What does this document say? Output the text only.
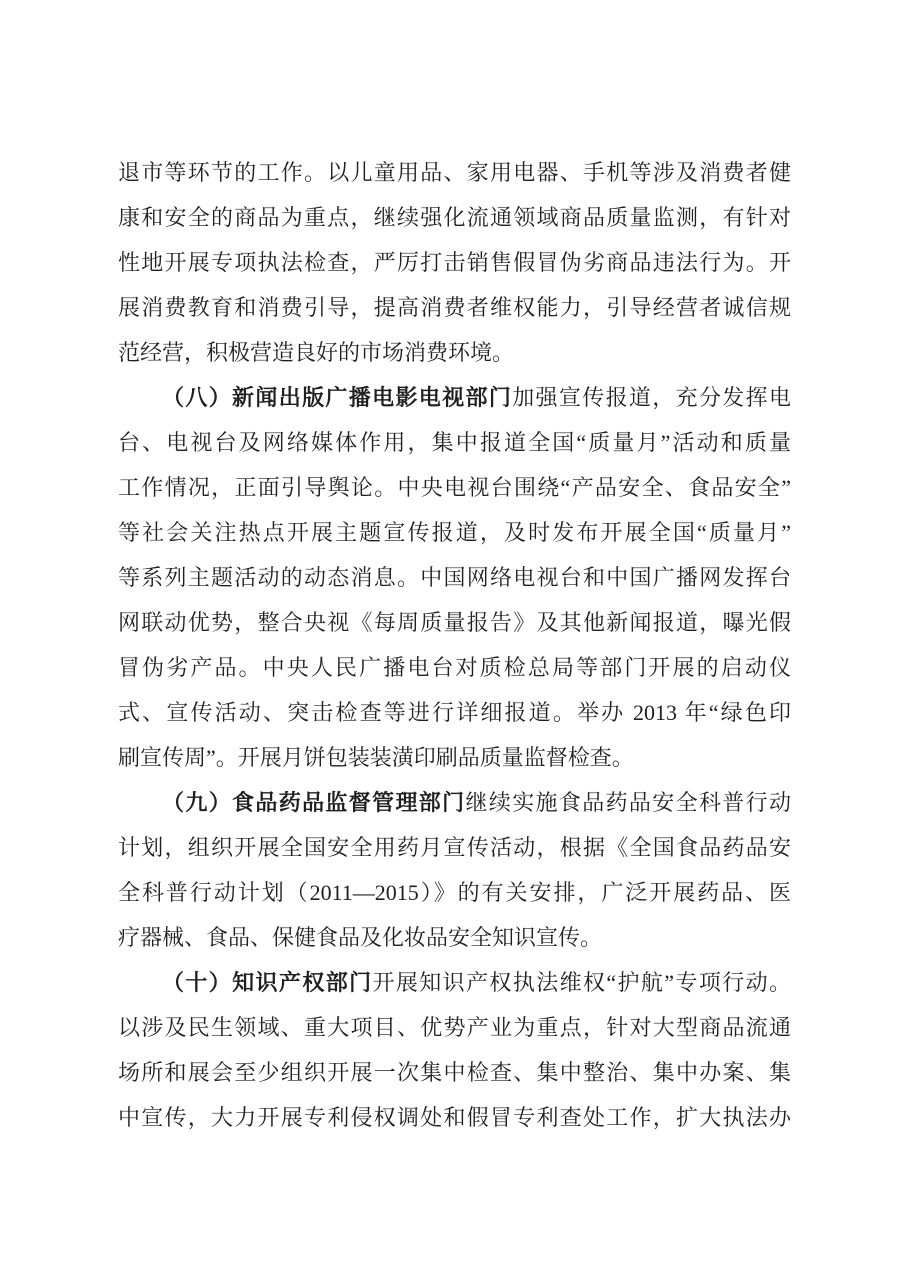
退市等环节的工作。以儿童用品、家用电器、手机等涉及消费者健
康和安全的商品为重点，继续强化流通领域商品质量监测，有针对
性地开展专项执法检查，严厉打击销售假冒伪劣商品违法行为。开
展消费教育和消费引导，提高消费者维权能力，引导经营者诚信规
范经营，积极营造良好的市场消费环境。
（八）新闻出版广播电影电视部门加强宣传报道，充分发挥电
台、电视台及网络媒体作用，集中报道全国“质量月”活动和质量
工作情况，正面引导舆论。中央电视台围绕“产品安全、食品安全”
等社会关注热点开展主题宣传报道，及时发布开展全国“质量月”
等系列主题活动的动态消息。中国网络电视台和中国广播网发挥台
网联动优势，整合央视《每周质量报告》及其他新闻报道，曝光假
冒伪劣产品。中央人民广播电台对质检总局等部门开展的启动仪
式、宣传活动、突击检查等进行详细报道。举办 2013 年“绿色印
刷宣传周”。开展月饼包装装潢印刷品质量监督检查。
（九）食品药品监督管理部门继续实施食品药品安全科普行动
计划，组织开展全国安全用药月宣传活动，根据《全国食品药品安
全科普行动计划（2011—2015）》的有关安排，广泛开展药品、医
疗器械、食品、保健食品及化妆品安全知识宣传。
（十）知识产权部门开展知识产权执法维权“护航”专项行动。
以涉及民生领域、重大项目、优势产业为重点，针对大型商品流通
场所和展会至少组织开展一次集中检查、集中整治、集中办案、集
中宣传，大力开展专利侵权调处和假冒专利查处工作，扩大执法办
